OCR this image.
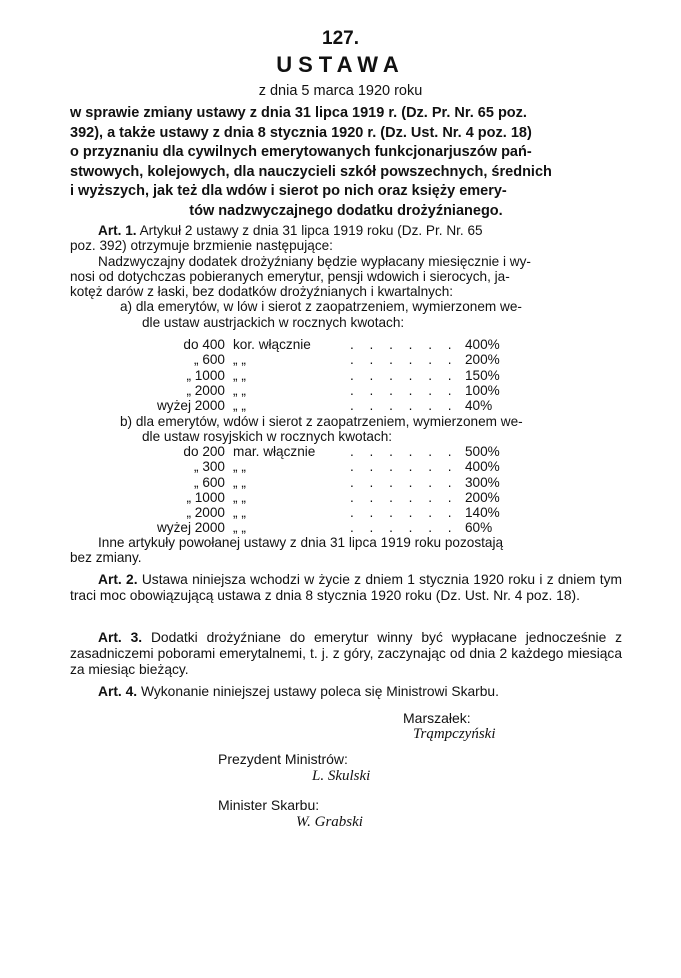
127.
USTAWA
z dnia 5 marca 1920 roku
w sprawie zmiany ustawy z dnia 31 lipca 1919 r. (Dz. Pr. Nr. 65 poz.
392), a także ustawy z dnia 8 stycznia 1920 r. (Dz. Ust. Nr. 4 poz. 18)
o przyznaniu dla cywilnych emerytowanych funkcjonarjuszów pań-
stwowych, kolejowych, dla nauczycieli szkół powszechnych, średnich
i wyższych, jak też dla wdów i sierot po nich oraz księży emery-
tów nadzwyczajnego dodatku drożyźnianego.
Art. 1. Artykuł 2 ustawy z dnia 31 lipca 1919 roku (Dz. Pr. Nr. 65
poz. 392) otrzymuje brzmienie następujące:
Nadzwyczajny dodatek drożyźniany będzie wypłacany miesięcznie i wy-
nosi od dotychczas pobieranych emerytur, pensji wdowich i sierocych, ja-
kotęż darów z łaski, bez dodatków drożyźnianych i kwartalnych:
a) dla emerytów, w lów i sierot z zaopatrzeniem, wymierzonem we-
dle ustaw austrjackich w rocznych kwotach:
do 400 kor. włącznie	. . . . . . 400%
„ 600 „ „	. . . . . . 200%
„ 1000 „ „	. . . . . . 150%
„ 2000 „ „	. . . . . . 100%
wyżej 2000 „ „	. . . . . . 40%
b) dla emerytów, wdów i sierot z zaopatrzeniem, wymierzonem we-
dle ustaw rosyjskich w rocznych kwotach:
do 200 mar. włącznie	. . . . . . 500%
„ 300 „ „	. . . . . . 400%
„ 600 „ „	. . . . . . 300%
„ 1000 „ „	. . . . . . 200%
„ 2000 „ „	. . . . . . 140%
wyżej 2000 „ „	. . . . . . 60%
Inne artykuły powołanej ustawy z dnia 31 lipca 1919 roku pozostają
bez zmiany.
Art. 2. Ustawa niniejsza wchodzi w życie z dniem 1 stycznia 1920 roku i z dniem tym traci moc obowiązującą ustawa z dnia 8 stycznia 1920 roku (Dz. Ust. Nr. 4 poz. 18).
Art. 3. Dodatki drożyźniane do emerytur winny być wypłacane jednocześnie z zasadniczemi poborami emerytalnemi, t. j. z góry, zaczynając od dnia 2 każdego miesiąca za miesiąc bieżący.
Art. 4. Wykonanie niniejszej ustawy poleca się Ministrowi Skarbu.
Marszałek:
Trąmpczyński
Prezydent Ministrów:
L. Skulski
Minister Skarbu:
W. Grabski
